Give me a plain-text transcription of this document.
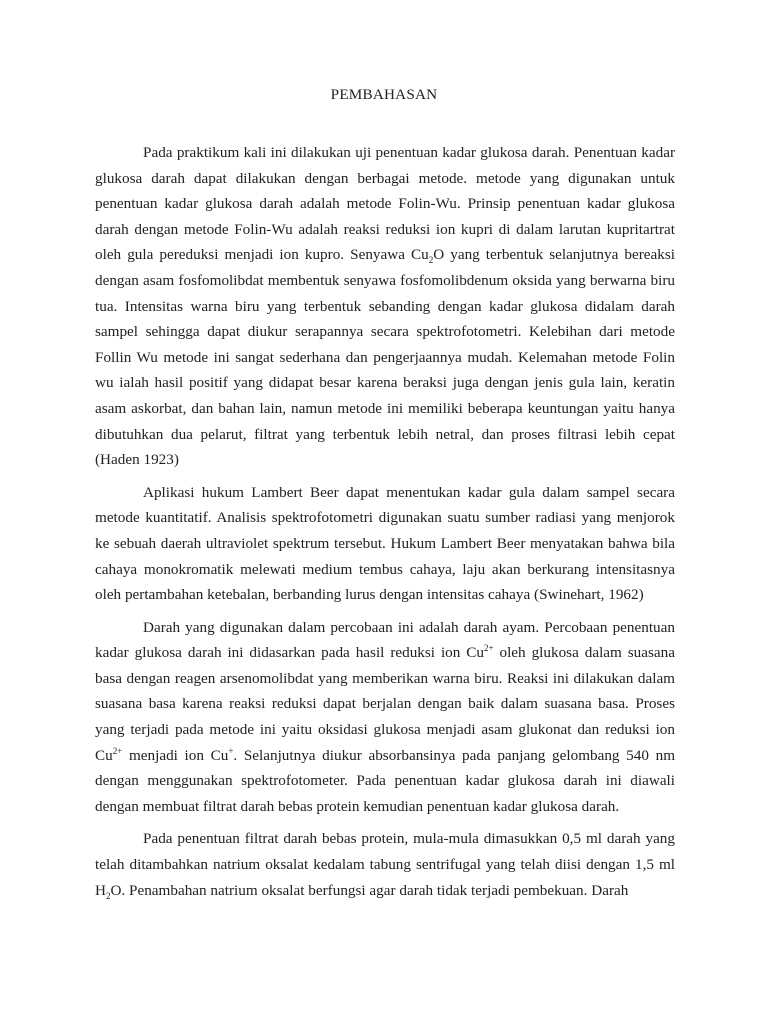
PEMBAHASAN

Pada praktikum kali ini dilakukan uji penentuan kadar glukosa darah. Penentuan kadar glukosa darah dapat dilakukan dengan berbagai metode. metode yang digunakan untuk penentuan kadar glukosa darah adalah metode Folin-Wu. Prinsip penentuan kadar glukosa darah dengan metode Folin-Wu adalah reaksi reduksi ion kupri di dalam larutan kupritartrat oleh gula pereduksi menjadi ion kupro. Senyawa $Cu_2O$ yang terbentuk selanjutnya bereaksi dengan asam fosfomolibdat membentuk senyawa fosfomolibdenum oksida yang berwarna biru tua. Intensitas warna biru yang terbentuk sebanding dengan kadar glukosa didalam darah sampel sehingga dapat diukur serapannya secara spektrofotometri. Kelebihan dari metode Follin Wu metode ini sangat sederhana dan pengerjaannya mudah. Kelemahan metode Folin wu ialah hasil positif yang didapat besar karena beraksi juga dengan jenis gula lain, keratin asam askorbat, dan bahan lain, namun metode ini memiliki beberapa keuntungan yaitu hanya dibutuhkan dua pelarut, filtrat yang terbentuk lebih netral, dan proses filtrasi lebih cepat (Haden 1923)

Aplikasi hukum Lambert Beer dapat menentukan kadar gula dalam sampel secara metode kuantitatif. Analisis spektrofotometri digunakan suatu sumber radiasi yang menjorok ke sebuah daerah ultraviolet spektrum tersebut. Hukum Lambert Beer menyatakan bahwa bila cahaya monokromatik melewati medium tembus cahaya, laju akan berkurang intensitasnya oleh pertambahan ketebalan, berbanding lurus dengan intensitas cahaya (Swinehart, 1962)

Darah yang digunakan dalam percobaan ini adalah darah ayam. Percobaan penentuan kadar glukosa darah ini didasarkan pada hasil reduksi ion $Cu^{2+}$ oleh glukosa dalam suasana basa dengan reagen arsenomolibdat yang memberikan warna biru. Reaksi ini dilakukan dalam suasana basa karena reaksi reduksi dapat berjalan dengan baik dalam suasana basa. Proses yang terjadi pada metode ini yaitu oksidasi glukosa menjadi asam glukonat dan reduksi ion $Cu^{2+}$ menjadi ion Cu+. Selanjutnya diukur absorbansinya pada panjang gelombang 540 nm dengan menggunakan spektrofotometer. Pada penentuan kadar glukosa darah ini diawali dengan membuat filtrat darah bebas protein kemudian penentuan kadar glukosa darah.

Pada penentuan filtrat darah bebas protein, mula-mula dimasukkan 0,5 ml darah yang telah ditambahkan natrium oksalat kedalam tabung sentrifugal yang telah diisi dengan 1,5 ml $H_2O$. Penambahan natrium oksalat berfungsi agar darah tidak terjadi pembekuan. Darah
